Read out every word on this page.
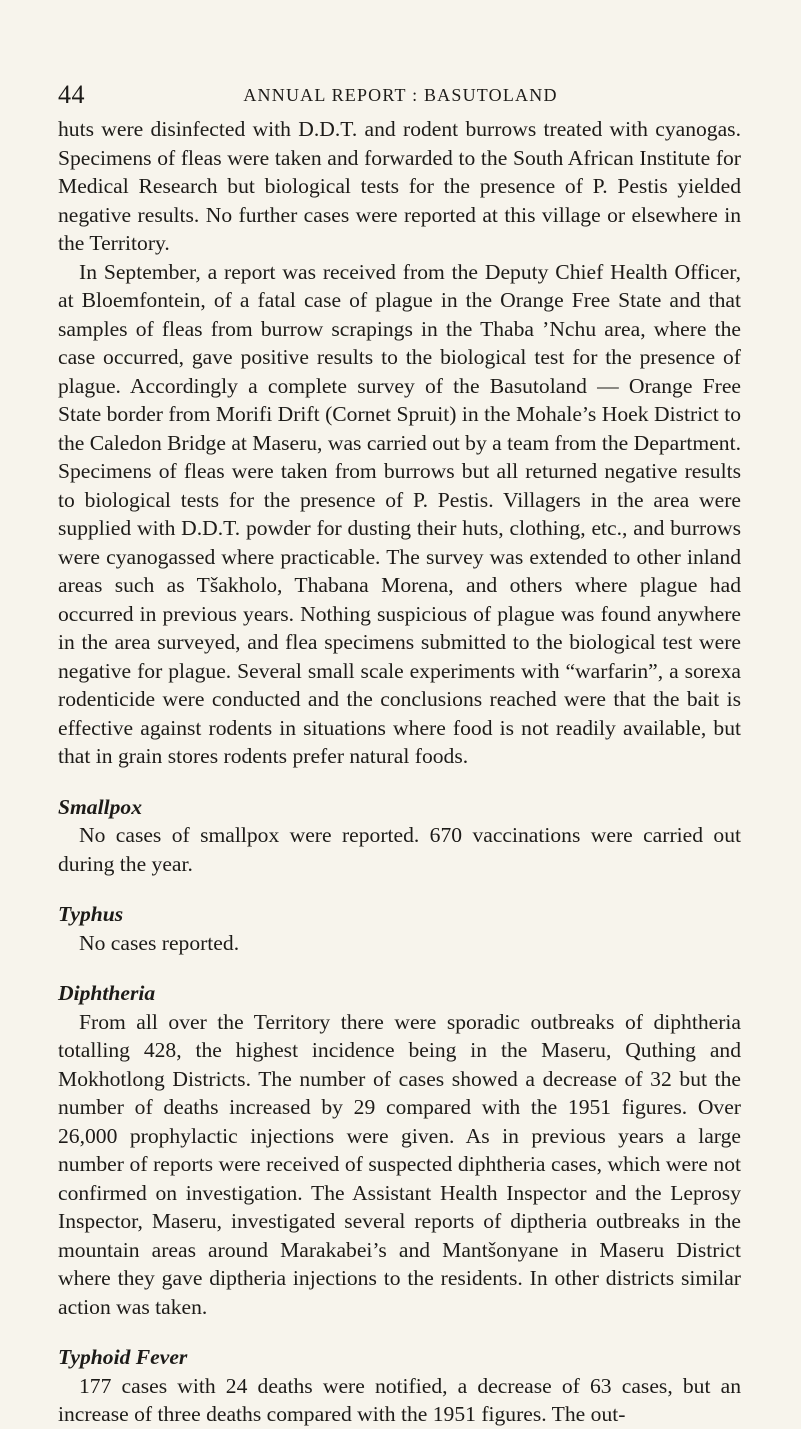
44	ANNUAL REPORT : BASUTOLAND

huts were disinfected with D.D.T. and rodent burrows treated with cyanogas. Specimens of fleas were taken and forwarded to the South African Institute for Medical Research but biological tests for the presence of P. Pestis yielded negative results. No further cases were reported at this village or elsewhere in the Territory.

In September, a report was received from the Deputy Chief Health Officer, at Bloemfontein, of a fatal case of plague in the Orange Free State and that samples of fleas from burrow scrapings in the Thaba ’Nchu area, where the case occurred, gave positive results to the biological test for the presence of plague. Accordingly a complete survey of the Basutoland — Orange Free State border from Morifi Drift (Cornet Spruit) in the Mohale’s Hoek District to the Caledon Bridge at Maseru, was carried out by a team from the Department. Specimens of fleas were taken from burrows but all returned negative results to biological tests for the presence of P. Pestis. Villagers in the area were supplied with D.D.T. powder for dusting their huts, clothing, etc., and burrows were cyanogassed where practicable. The survey was extended to other inland areas such as Tšakholo, Thabana Morena, and others where plague had occurred in previous years. Nothing suspicious of plague was found anywhere in the area surveyed, and flea specimens submitted to the biological test were negative for plague. Several small scale experiments with “warfarin”, a sorexa rodenticide were conducted and the conclusions reached were that the bait is effective against rodents in situations where food is not readily available, but that in grain stores rodents prefer natural foods.

Smallpox

No cases of smallpox were reported. 670 vaccinations were carried out during the year.

Typhus

No cases reported.

Diphtheria

From all over the Territory there were sporadic outbreaks of diphtheria totalling 428, the highest incidence being in the Maseru, Quthing and Mokhotlong Districts. The number of cases showed a decrease of 32 but the number of deaths increased by 29 compared with the 1951 figures. Over 26,000 prophylactic injections were given. As in previous years a large number of reports were received of suspected diphtheria cases, which were not confirmed on investigation. The Assistant Health Inspector and the Leprosy Inspector, Maseru, investigated several reports of diptheria outbreaks in the mountain areas around Marakabei’s and Mantšonyane in Maseru District where they gave diptheria injections to the residents. In other districts similar action was taken.

Typhoid Fever

177 cases with 24 deaths were notified, a decrease of 63 cases, but an increase of three deaths compared with the 1951 figures. The out-
